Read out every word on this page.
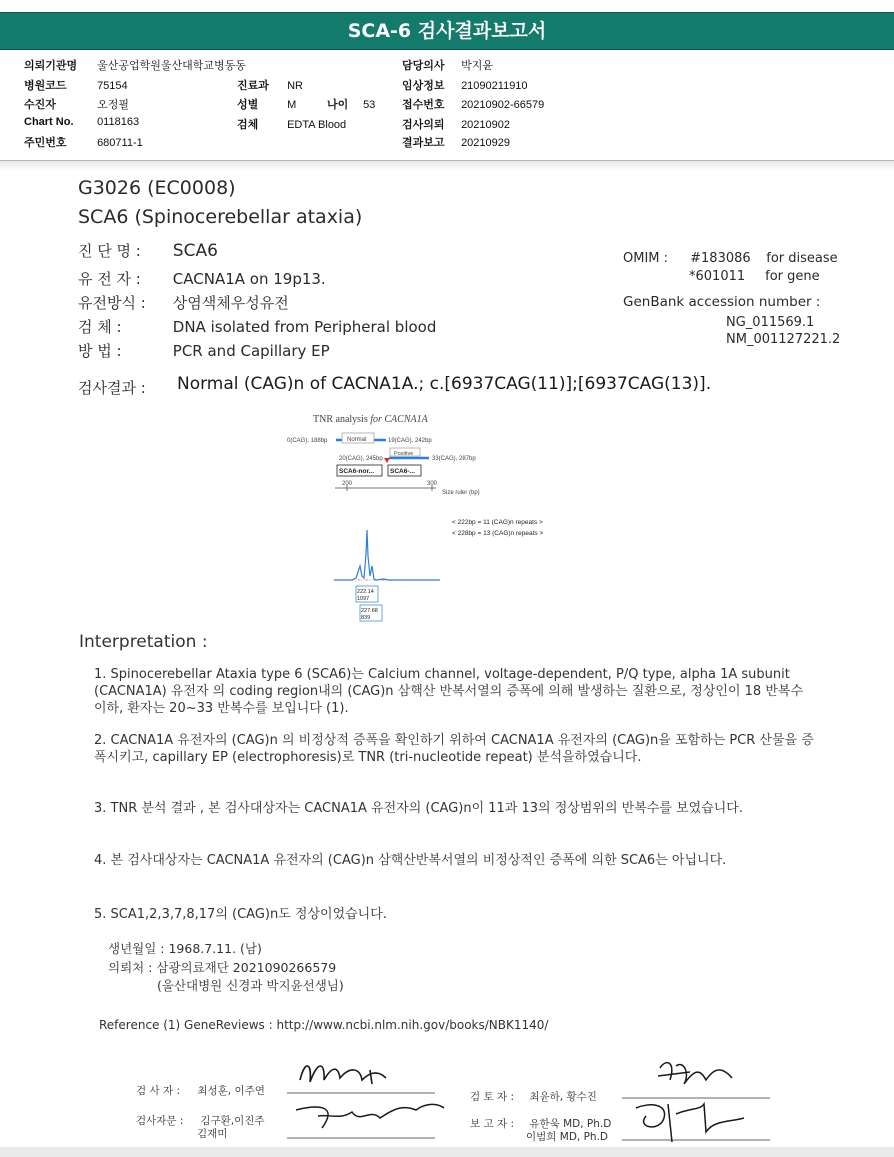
SCA-6 검사결과보고서
의뢰기관명 울산공업학원울산대학교병동동
병원코드	75154
수진자	오정필
Chart No. 0118163
주민번호	680711-1
진료과 NR
성별	M	나이 53
검체	EDTA Blood
담당의사 박지윤
임상정보 21090211910
접수번호 20210902-66579
검사의뢰 20210902
결과보고 20210929
G3026 (EC0008)
SCA6 (Spinocerebellar ataxia)
진 단 명 : SCA6
유 전 자 : CACNA1A on 19p13.
유전방식 : 상염색체우성유전
검 체 :	DNA isolated from Peripheral blood
방 법 :	PCR and Capillary EP
OMIM : #183086 for disease
*601011 for gene
GenBank accession number :
NG_011569.1
NM_001127221.2
검사결과 : Normal (CAG)n of CACNA1A.; c.[6937CAG(11)];[6937CAG(13)].
TNR analysis for CACNA1A
0(CAG), 188bp	Normal	19(CAG), 242bp
Positive
20(CAG), 245bp	33(CAG), 287bp
SCA6-nor... SCA6-...
200	300
Size ruler (bp)
< 222bp = 11 (CAG)n repeats >
< 228bp = 13 (CAG)n repeats >
222.14
1097
227.68
839
Interpretation :
1. Spinocerebellar Ataxia type 6 (SCA6)는 Calcium channel, voltage-dependent, P/Q type, alpha 1A subunit (CACNA1A) 유전자 의 coding region내의 (CAG)n 삼핵산 반복서열의 증폭에 의해 발생하는 질환으로, 정상인이 18 반복수 이하, 환자는 20~33 반복수를 보입니다 (1).
2. CACNA1A 유전자의 (CAG)n 의 비정상적 증폭을 확인하기 위하여 CACNA1A 유전자의 (CAG)n을 포함하는 PCR 산물을 증폭시키고, capillary EP (electrophoresis)로 TNR (tri-nucleotide repeat) 분석을하였습니다.
3. TNR 분석 결과 , 본 검사대상자는 CACNA1A 유전자의 (CAG)n이 11과 13의 정상범위의 반복수를 보였습니다.
4. 본 검사대상자는 CACNA1A 유전자의 (CAG)n 삼핵산반복서열의 비정상적인 증폭에 의한 SCA6는 아닙니다.
5. SCA1,2,3,7,8,17의 (CAG)n도 정상이었습니다.
생년월일 : 1968.7.11. (남)
의뢰처 : 삼광의료재단 2021090266579
(울산대병원 신경과 박지윤선생님)
Reference (1) GeneReviews : http://www.ncbi.nlm.nih.gov/books/NBK1140/
검 사 자 : 최성훈, 이주연
검사자문 : 김구환,이진주
김재미
검 토 자 : 최윤하, 황수진
보 고 자 : 유한욱 MD, Ph.D
이범희 MD, Ph.D
